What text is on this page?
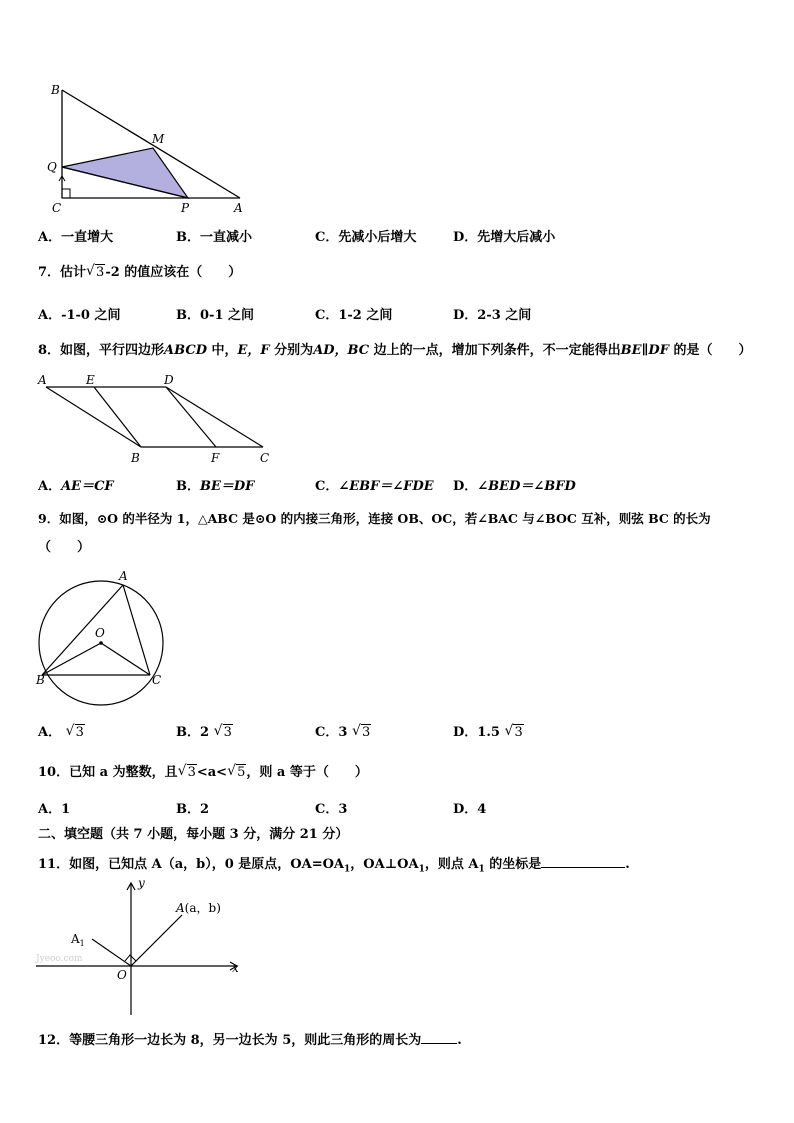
B
M
Q
C	P	A
A．一直增大	B．一直减小	C．先减小后增大	D．先增大后减小
7．估计 √ 3-2 的值应该在（　　）
A．-1-0 之间	B．0-1 之间	C．1-2 之间	D．2-3 之间
8．如图，平行四边形ABCD 中，E，F 分别为AD，BC 边上的一点，增加下列条件，不一定能得出BE∥DF 的是（　　）
A	E	D
B	F	C
A．AE＝CF	B．BE＝DF	C．∠EBF＝∠FDE D．∠BED＝∠BFD
9．如图，⊙O 的半径为 1，△ABC 是⊙O 的内接三角形，连接 OB、OC，若∠BAC 与∠BOC 互补，则弦 BC 的长为
（　　）
A
O
B	C
A． √ 3	B．2 √ 3	C．3 √ 3	D．1.5 √ 3
10．已知 a 为整数，且 √ 3<a< √ 5，则 a 等于（　　）
A．1	B．2	C．3	D．4
二、填空题（共 7 小题，每小题 3 分，满分 21 分）
11．如图，已知点 A（a，b），0 是原点，$OA=OA_1$，$OA\perp OA_1$，则点 $A_1$ 的坐标是	.
Jyeoo.com
y
x
O
$A_1$
A(a，b)
12．等腰三角形一边长为 8，另一边长为 5，则此三角形的周长为	.
